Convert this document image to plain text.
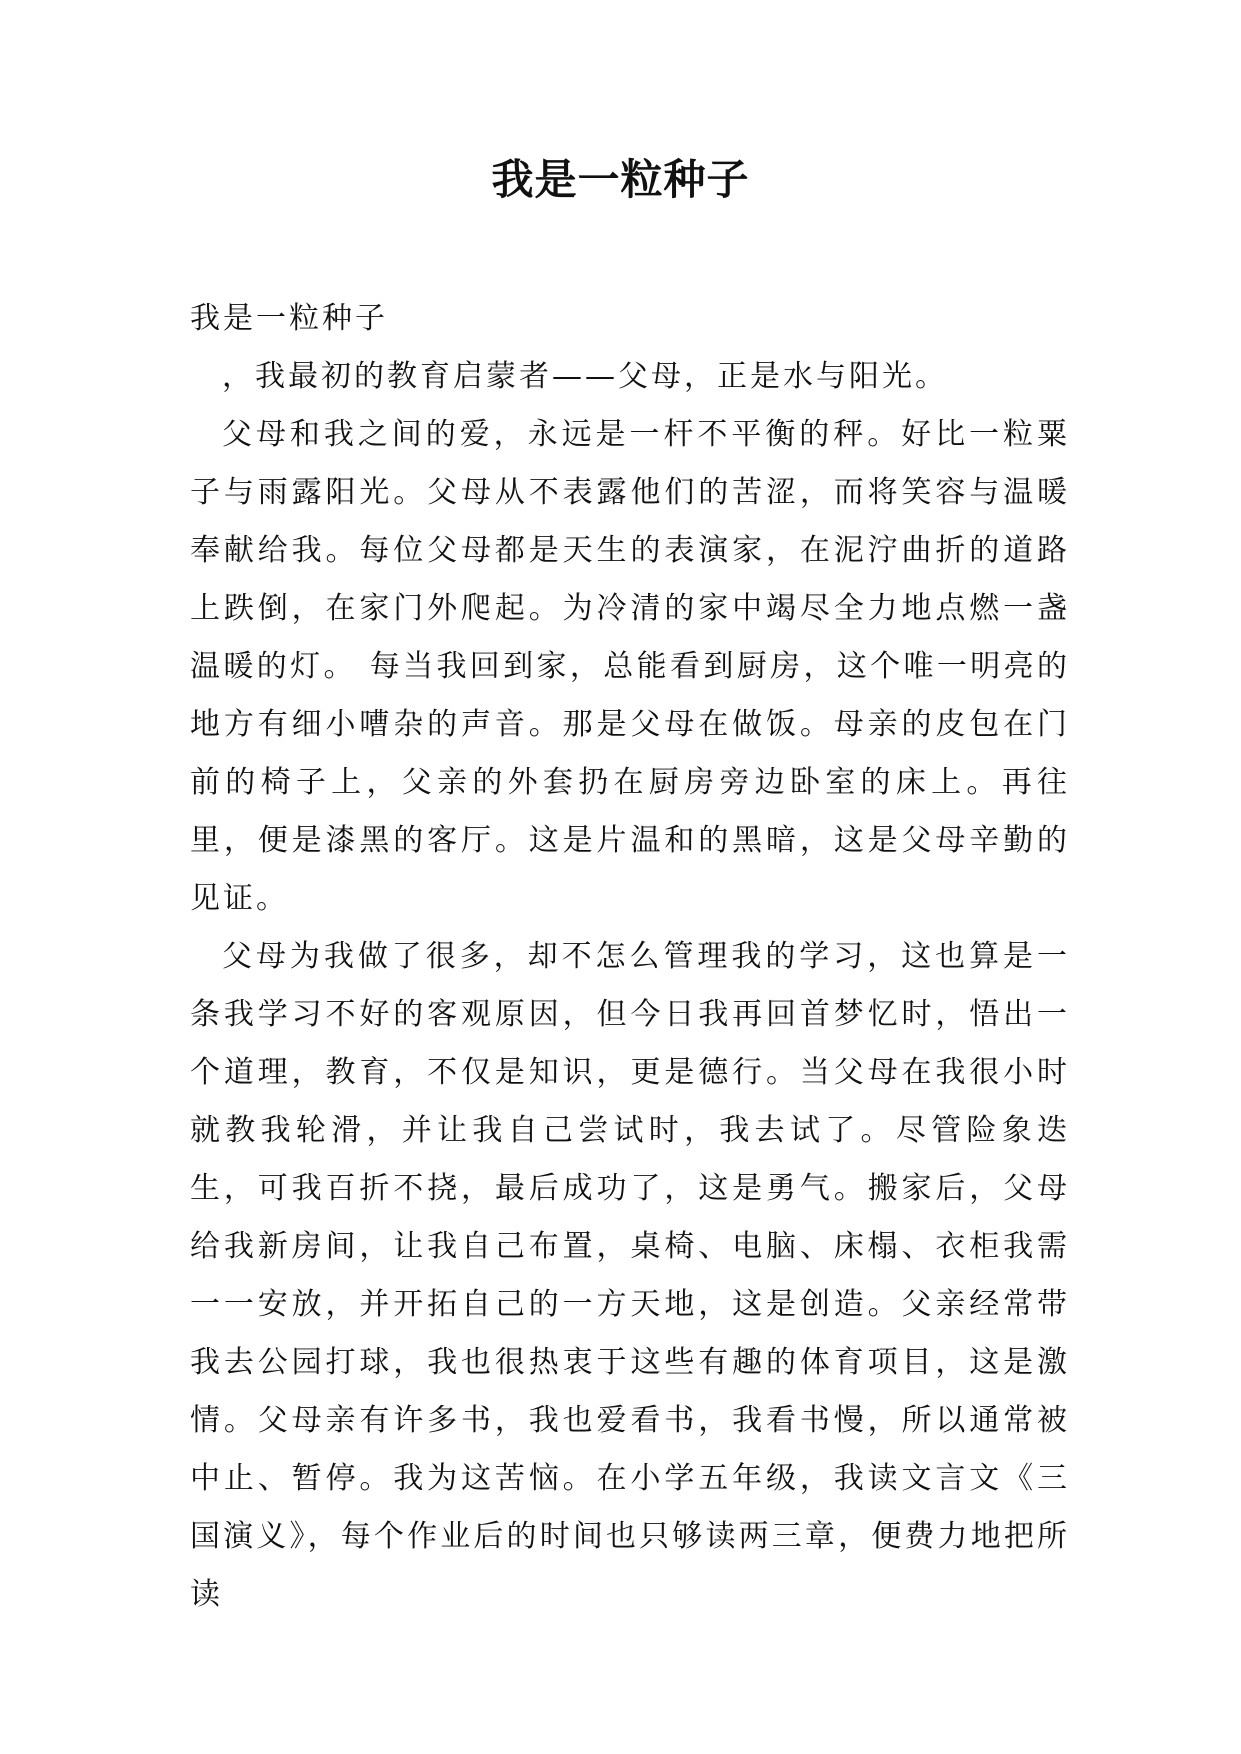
我是一粒种子

我是一粒种子

，我最初的教育启蒙者——父母，正是水与阳光。

父母和我之间的爱，永远是一杆不平衡的秤。好比一粒粟子与雨露阳光。父母从不表露他们的苦涩，而将笑容与温暖奉献给我。每位父母都是天生的表演家，在泥泞曲折的道路上跌倒，在家门外爬起。为冷清的家中竭尽全力地点燃一盏温暖的灯。 每当我回到家，总能看到厨房，这个唯一明亮的地方有细小嘈杂的声音。那是父母在做饭。母亲的皮包在门前的椅子上，父亲的外套扔在厨房旁边卧室的床上。再往里，便是漆黑的客厅。这是片温和的黑暗，这是父母辛勤的见证。

父母为我做了很多，却不怎么管理我的学习，这也算是一条我学习不好的客观原因，但今日我再回首梦忆时，悟出一个道理，教育，不仅是知识，更是德行。当父母在我很小时就教我轮滑，并让我自己尝试时，我去试了。尽管险象迭生，可我百折不挠，最后成功了，这是勇气。搬家后，父母给我新房间，让我自己布置，桌椅、电脑、床榻、衣柜我需一一安放，并开拓自己的一方天地，这是创造。父亲经常带我去公园打球，我也很热衷于这些有趣的体育项目，这是激情。父母亲有许多书，我也爱看书，我看书慢，所以通常被中止、暂停。我为这苦恼。在小学五年级，我读文言文《三国演义》，每个作业后的时间也只够读两三章，便费力地把所读
